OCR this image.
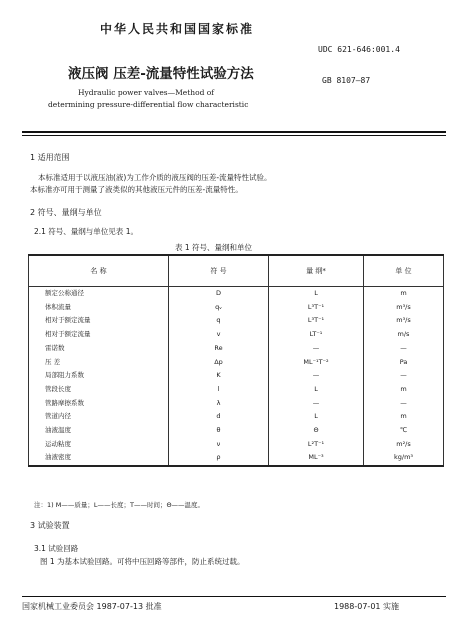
中华人民共和国国家标准
UDC 621-646:001.4
液压阀 压差-流量特性试验方法	GB 8107—87
Hydraulic power valves—Method of
determining pressure-differential flow characteristic
1 适用范围
本标准适用于以液压油(液)为工作介质的液压阀的压差-流量特性试验。
本标准亦可用于测量了液类似的其他液压元件的压差-流量特性。
2 符号、量纲与单位
2.1 符号、量纲与单位见表 1。
表 1 符号、量纲和单位
名 称	符 号	量 纲*	单 位
额定公称通径	D	L	m
体积流量	qᵥ	L³T⁻¹	m³/s
相对于额定流量	q	L³T⁻¹	m³/s
相对于额定流量	v	LT⁻¹	m/s
雷诺数	Re	—	—
压 差	Δp	ML⁻¹T⁻²	Pa
局部阻力系数	K	—	—
管段长度	l	L	m
管路摩擦系数	λ	—	—
管道内径	d	L	m
油液温度	θ	Θ	℃
运动粘度	ν	L²T⁻¹	m²/s
油液密度	ρ	ML⁻³	kg/m³
注：1) M——质量；L——长度；T——时间；Θ——温度。
3 试验装置
3.1 试验回路
图 1 为基本试验回路。可将中压回路等部件，防止系统过载。
国家机械工业委员会 1987-07-13 批准	1988-07-01 实施
